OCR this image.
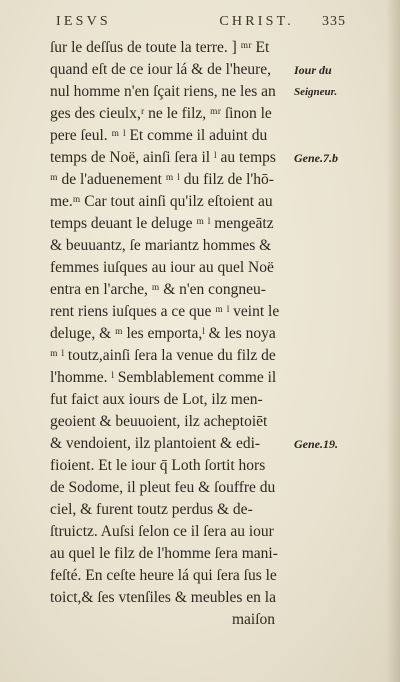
IESVS	CHRIST. 335
ſur le deſſus de toute la terre. ] ᵐʳ Et
quand eſt de ce iour lá & de l'heure,
nul homme n'en ſçait riens, ne les an
ges des cieulx,ʳ ne le filz, ᵐʳ ſinon le
pere ſeul. ᵐ ˡ Et comme il aduint du
temps de Noë, ainſi ſera il ˡ au temps
ᵐ de l'aduenement ᵐ ˡ du filz de l'hō-
me.ᵐ Car tout ainſi qu'ilz eſtoient au
temps deuant le deluge ᵐ ˡ mengeātz
& beuuantz, ſe mariantz hommes &
femmes iuſques au iour au quel Noë
entra en l'arche, ᵐ & n'en congneu-
rent riens iuſques a ce que ᵐ ˡ veint le
deluge, & ᵐ les emporta,ˡ & les noya
ᵐ ˡ toutz,ainſi ſera la venue du filz de
l'homme. ˡ Semblablement comme il
fut faict aux iours de Lot, ilz men-
geoient & beuuoient, ilz acheptoiēt
& vendoient, ilz plantoient & edi-
fioient. Et le iour q̄ Loth ſortit hors
de Sodome, il pleut feu & ſouffre du
ciel, & furent toutz perdus & de-
ſtruictz. Auſsi ſelon ce il ſera au iour
au quel le filz de l'homme ſera mani-
feſté. En ceſte heure lá qui ſera ſus le
toict,& ſes vtenſiles & meubles en la
maiſon
Iour du
Seigneur.
Gene.7.b
Gene.19.
